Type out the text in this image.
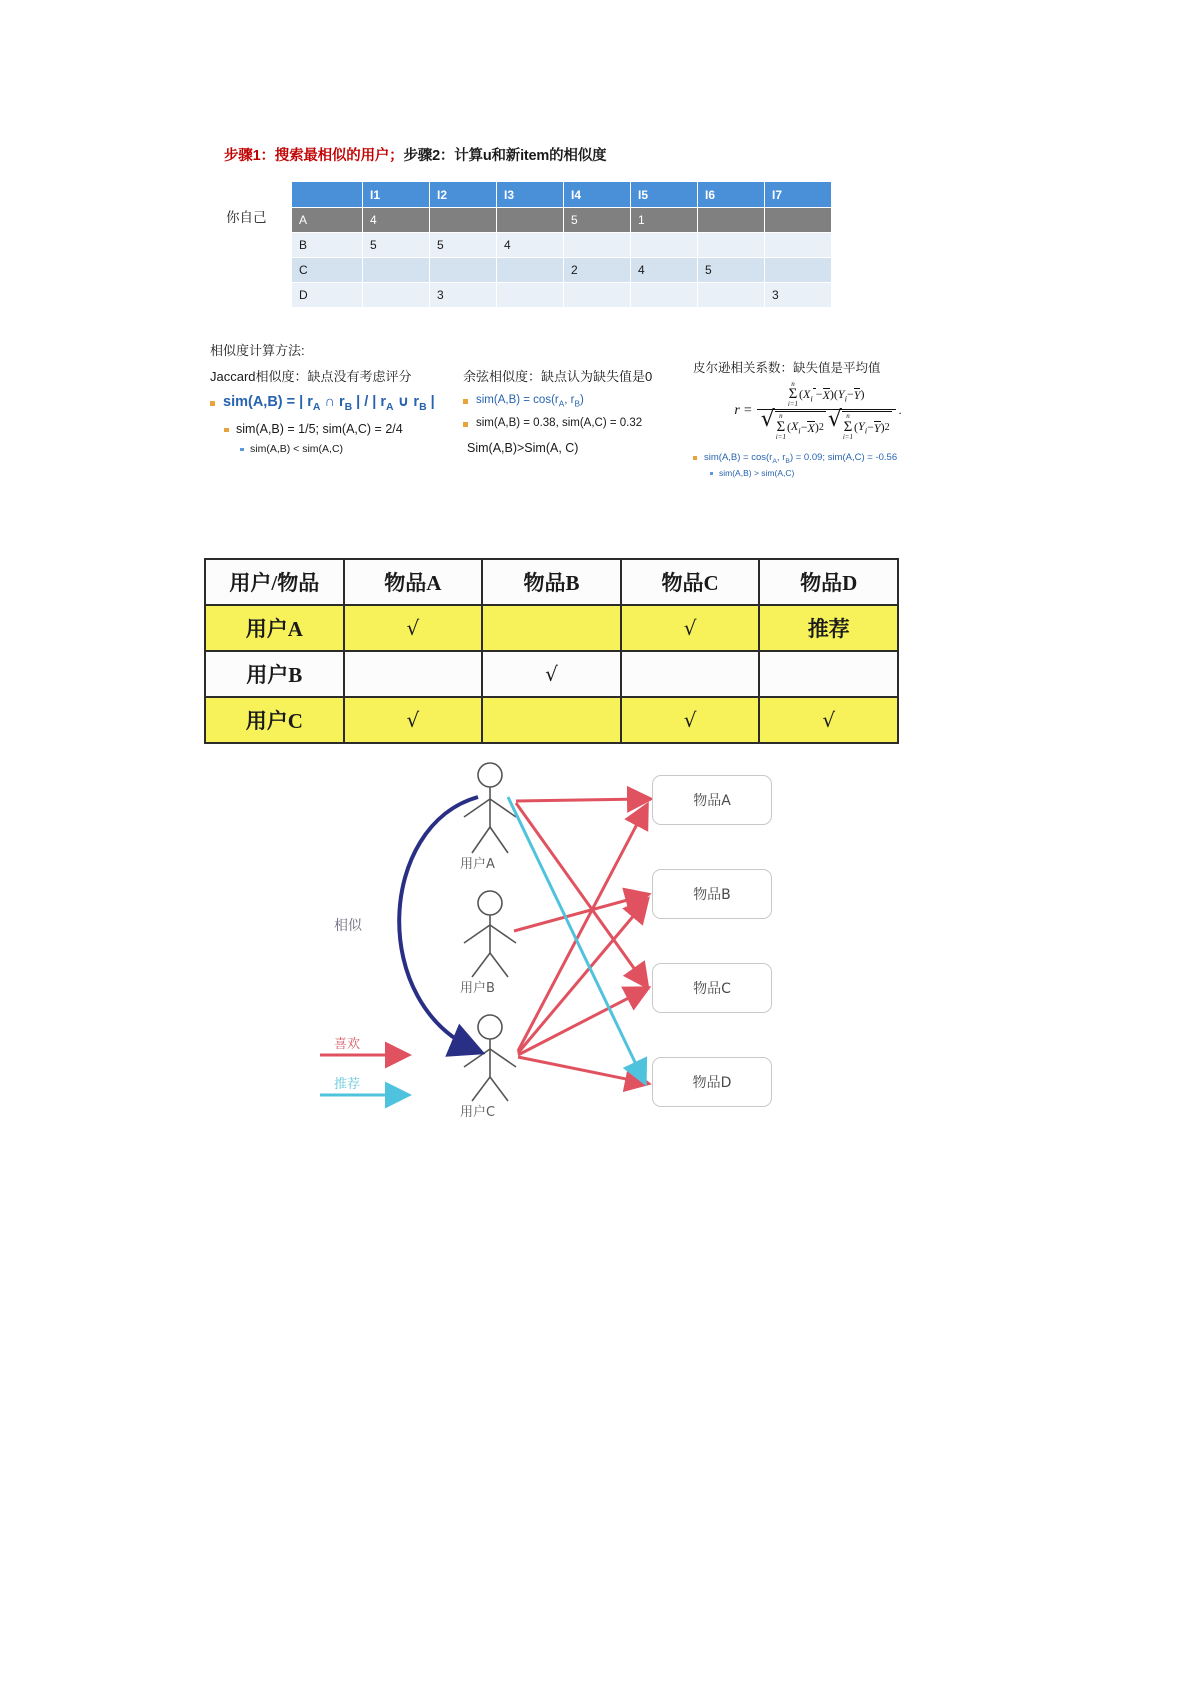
步骤1：搜索最相似的用户；步骤2：计算u和新item的相似度
你自己
	I1	I2	I3	I4	I5	I6	I7
A	4			5	1		
B	5	5	4				
C				2	4	5	
D		3					3
相似度计算方法:
Jaccard相似度：缺点没有考虑评分
sim(A,B) = | $r_A$ ∩ $r_B$ | / | $r_A$ ∪ $r_B$ |
sim(A,B) = 1/5; sim(A,C) = 2/4
sim(A,B) < sim(A,C)
余弦相似度：缺点认为缺失值是0
$sim(A,B) = \cos(r_A$, $r_B$)
sim(A,B) = 0.38, sim(A,C) = 0.32
Sim(A,B)>Sim(A, C)
皮尔逊相关系数：缺失值是平均值
r =
n
Σ
i=1
( $X_i$
− X )( $Y_i - Y$ )
√ n
Σ
i=1
( $X_i - X$ ) 2 √ n
Σ
i=1
( $Y_i - Y$ ) 2
.
$sim(A,B) = \cos(r_A$, $r_B) = 0.09$; sim(A,C) = -0.56
sim(A,B) > sim(A,C)
用户/物品	物品A	物品B	物品C	物品D
用户A	√		√	推荐
用户B		√		
用户C	√		√	√
用户A
用户B
用户C
物品A
物品B
物品C
物品D
相似
喜欢
推荐
